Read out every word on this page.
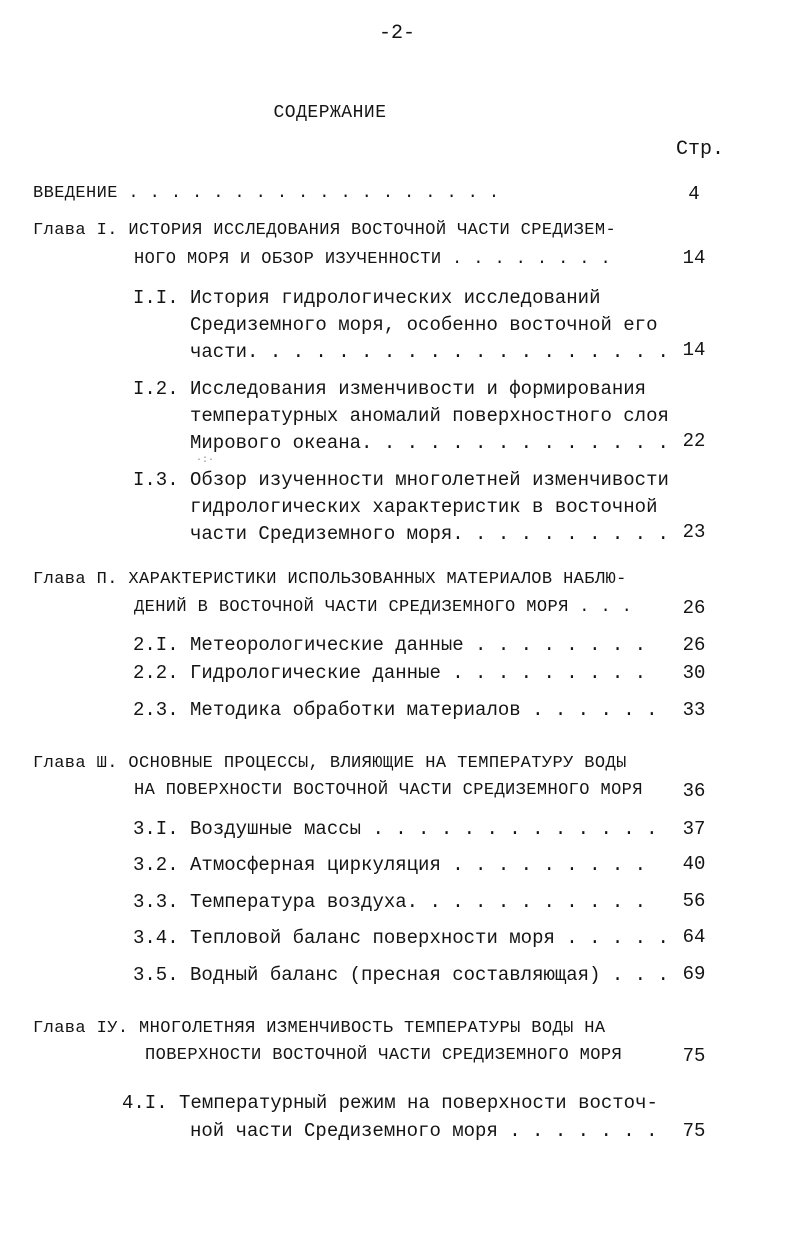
-2-
СОДЕРЖАНИЕ
Стр.
ВВЕДЕНИЕ . . . . . . . . . . . . . . . . . .	4
Глава I. ИСТОРИЯ ИССЛЕДОВАНИЯ ВОСТОЧНОЙ ЧАСТИ СРЕДИЗЕМ-
НОГО МОРЯ И ОБЗОР ИЗУЧЕННОСТИ . . . . . . . .	14
I.I. История гидрологических исследований
Средиземного моря, особенно восточной его
части. . . . . . . . . . . . . . . . . . . 14
I.2. Исследования изменчивости и формирования
температурных аномалий поверхностного слоя
Мирового океана. . . . . . . . . . . . . . 22
·:·
I.3. Обзор изученности многолетней изменчивости
гидрологических характеристик в восточной
части Средиземного моря. . . . . . . . . . 23
Глава П. ХАРАКТЕРИСТИКИ ИСПОЛЬЗОВАННЫХ МАТЕРИАЛОВ НАБЛЮ-
ДЕНИЙ В ВОСТОЧНОЙ ЧАСТИ СРЕДИЗЕМНОГО МОРЯ . . .	26
2.I. Метеорологические данные . . . . . . . .	26
2.2. Гидрологические данные . . . . . . . . .	30
2.3. Методика обработки материалов . . . . . .	33
Глава Ш. ОСНОВНЫЕ ПРОЦЕССЫ, ВЛИЯЮЩИЕ НА ТЕМПЕРАТУРУ ВОДЫ
НА ПОВЕРХНОСТИ ВОСТОЧНОЙ ЧАСТИ СРЕДИЗЕМНОГО МОРЯ	36
3.I. Воздушные массы . . . . . . . . . . . . .	37
3.2. Атмосферная циркуляция . . . . . . . . .	40
3.3. Температура воздуха. . . . . . . . . . .	56
3.4. Тепловой баланс поверхности моря . . . . . 64
3.5. Водный баланс (пресная составляющая) . . . 69
Глава IУ. МНОГОЛЕТНЯЯ ИЗМЕНЧИВОСТЬ ТЕМПЕРАТУРЫ ВОДЫ НА
ПОВЕРХНОСТИ ВОСТОЧНОЙ ЧАСТИ СРЕДИЗЕМНОГО МОРЯ	75
4.I. Температурный режим на поверхности восточ-
ной части Средиземного моря . . . . . . .	75
